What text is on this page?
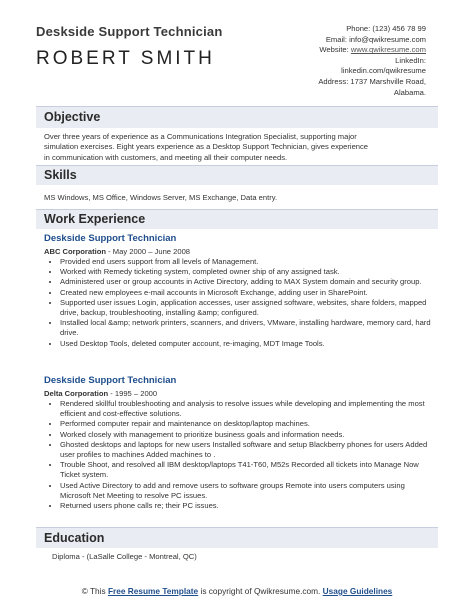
Deskside Support Technician
ROBERT SMITH
Phone: (123) 456 78 99
Email: info@qwikresume.com
Website: www.qwikresume.com
LinkedIn:
linkedin.com/qwikresume
Address: 1737 Marshville Road,
Alabama.
Objective
Over three years of experience as a Communications Integration Specialist, supporting major
simulation exercises. Eight years experience as a Desktop Support Technician, gives experience
in communication with customers, and meeting all their computer needs.
Skills
MS Windows, MS Office, Windows Server, MS Exchange, Data entry.
Work Experience
Deskside Support Technician
ABC Corporation - May 2000 – June 2008
• Provided end users support from all levels of Management.
• Worked with Remedy ticketing system, completed owner ship of any assigned task.
• Administered user or group accounts in Active Directory, adding to MAX System domain and security group.
• Created new employees e-mail accounts in Microsoft Exchange, adding user in SharePoint.
• Supported user issues Login, application accesses, user assigned software, websites, share folders, mapped drive, backup, troubleshooting, installing &amp; configured.
• Installed local &amp; network printers, scanners, and drivers, VMware, installing hardware, memory card, hard drive.
• Used Desktop Tools, deleted computer account, re-imaging, MDT Image Tools.
Deskside Support Technician
Delta Corporation - 1995 – 2000
• Rendered skillful troubleshooting and analysis to resolve issues while developing and implementing the most efficient and cost-effective solutions.
• Performed computer repair and maintenance on desktop/laptop machines.
• Worked closely with management to prioritize business goals and information needs.
• Ghosted desktops and laptops for new users Installed software and setup Blackberry phones for users Added user profiles to machines Added machines to .
• Trouble Shoot, and resolved all IBM desktop/laptops T41-T60, M52s Recorded all tickets into Manage Now Ticket system.
• Used Active Directory to add and remove users to software groups Remote into users computers using Microsoft Net Meeting to resolve PC issues.
• Returned users phone calls re; their PC issues.
Education
Diploma - (LaSalle College - Montreal, QC)
© This Free Resume Template is copyright of Qwikresume.com. Usage Guidelines
